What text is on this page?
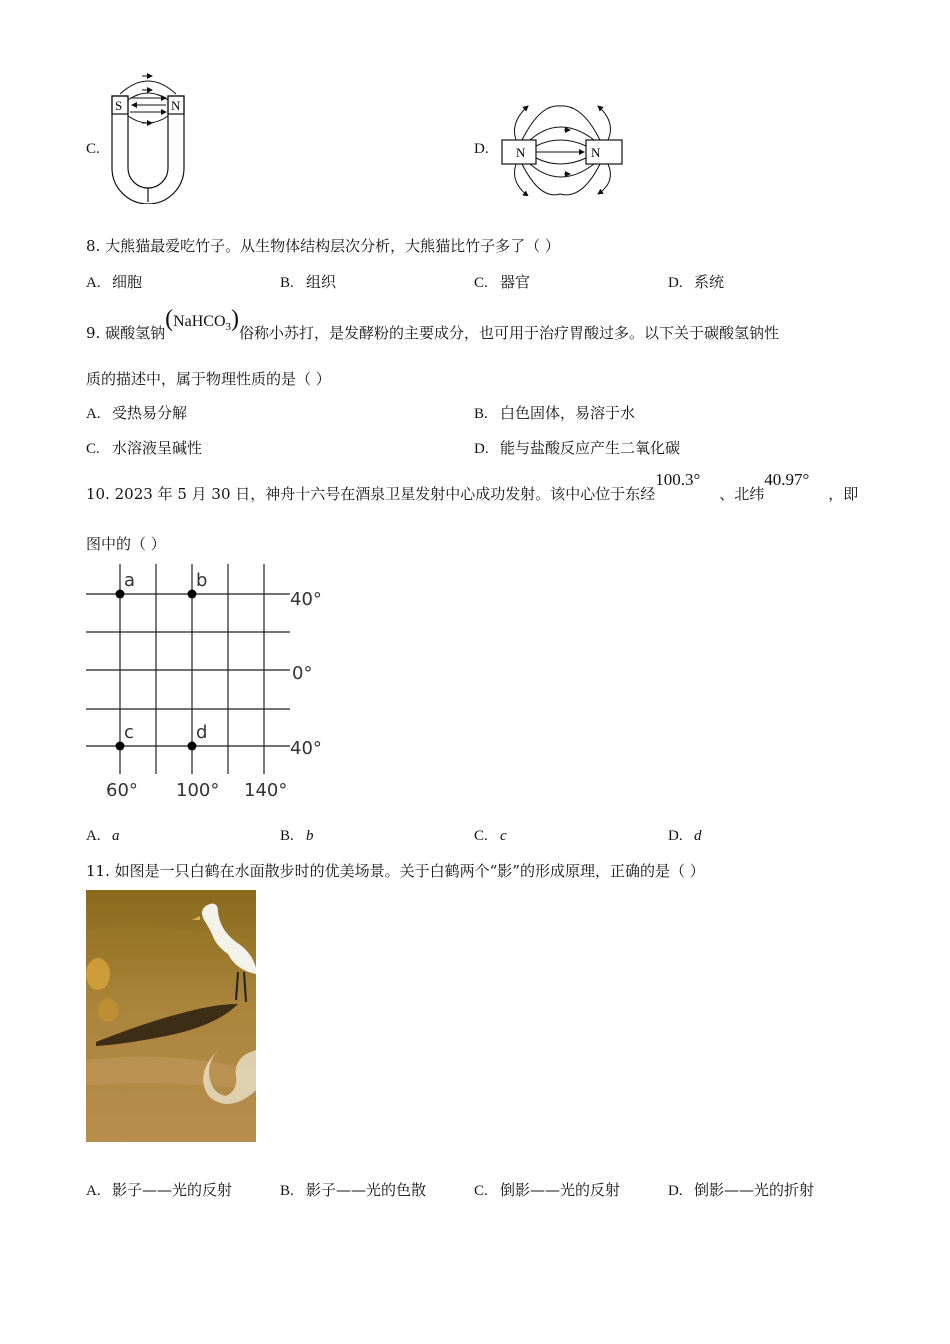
C.
S	N
D. N	N
8. 大熊猫最爱吃竹子。从生物体结构层次分析，大熊猫比竹子多了（ ）
A. 细胞	B. 组织	C. 器官	D. 系统
9. 碳酸氢钠(NaHCO$_3$)俗称小苏打，是发酵粉的主要成分，也可用于治疗胃酸过多。以下关于碳酸氢钠性
质的描述中，属于物理性质的是（ ）
A. 受热易分解	B. 白色固体，易溶于水
C. 水溶液呈碱性	D. 能与盐酸反应产生二氧化碳
10. 2023 年 5 月 30 日，神舟十六号在酒泉卫星发射中心成功发射。该中心位于东经100.3°、北纬40.97°，即
图中的（ ）
a	b
c	d
40°
0°
40°
60° 100° 140°
A. a	B. b	C. c	D. d
11. 如图是一只白鹤在水面散步时的优美场景。关于白鹤两个“影”的形成原理，正确的是（ ）
A. 影子——光的反射	B. 影子——光的色散	C. 倒影——光的反射	D. 倒影——光的折射
